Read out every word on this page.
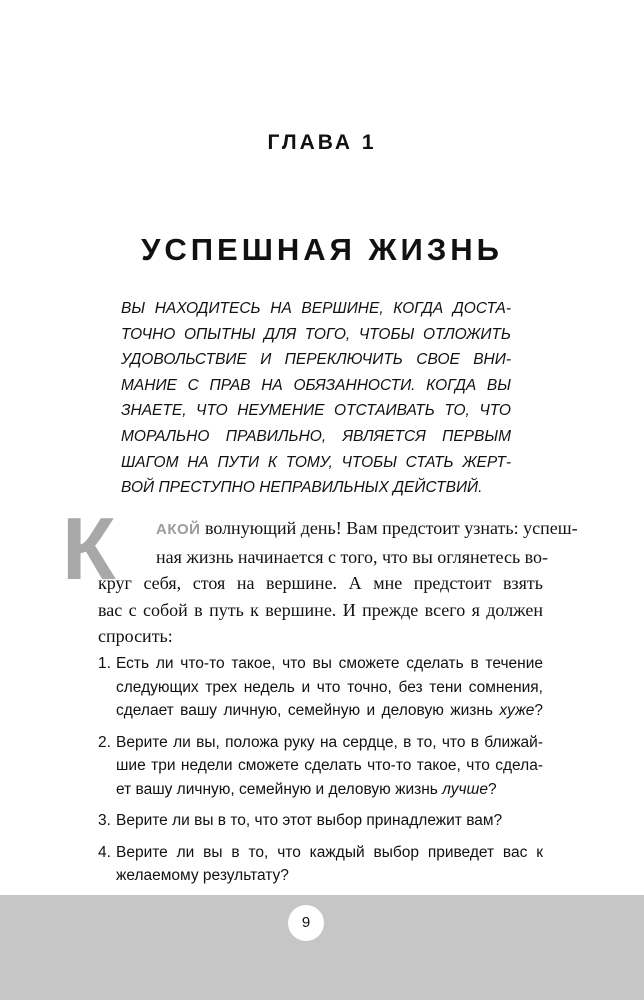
ГЛАВА 1
УСПЕШНАЯ ЖИЗНЬ
ВЫ НАХОДИТЕСЬ НА ВЕРШИНЕ, КОГДА ДОСТА-
ТОЧНО ОПЫТНЫ ДЛЯ ТОГО, ЧТОБЫ ОТЛОЖИТЬ
УДОВОЛЬСТВИЕ И ПЕРЕКЛЮЧИТЬ СВОЕ ВНИ-
МАНИЕ С ПРАВ НА ОБЯЗАННОСТИ. КОГДА ВЫ
ЗНАЕТЕ, ЧТО НЕУМЕНИЕ ОТСТАИВАТЬ ТО, ЧТО
МОРАЛЬНО ПРАВИЛЬНО, ЯВЛЯЕТСЯ ПЕРВЫМ
ШАГОМ НА ПУТИ К ТОМУ, ЧТОБЫ СТАТЬ ЖЕРТ-
ВОЙ ПРЕСТУПНО НЕПРАВИЛЬНЫХ ДЕЙСТВИЙ.
К	АКОЙ волнующий день! Вам предстоит узнать: успеш-
ная жизнь начинается с того, что вы оглянетесь во-
круг себя, стоя на вершине. А мне предстоит взять
вас с собой в путь к вершине. И прежде всего я должен
спросить:
1. Есть ли что-то такое, что вы сможете сделать в течение
следующих трех недель и что точно, без тени сомнения,
сделает вашу личную, семейную и деловую жизнь хуже?
2. Верите ли вы, положа руку на сердце, в то, что в ближай-
шие три недели сможете сделать что-то такое, что сдела-
ет вашу личную, семейную и деловую жизнь лучше?
3. Верите ли вы в то, что этот выбор принадлежит вам?
4. Верите ли вы в то, что каждый выбор приведет вас к
желаемому результату?
9
